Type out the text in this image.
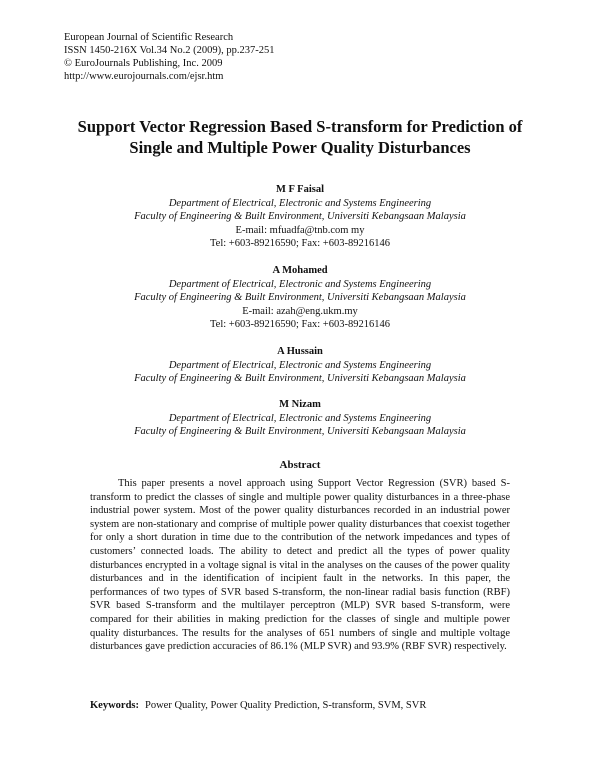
European Journal of Scientific Research
ISSN 1450-216X Vol.34 No.2 (2009), pp.237-251
© EuroJournals Publishing, Inc. 2009
http://www.eurojournals.com/ejsr.htm
Support Vector Regression Based S-transform for Prediction of
Single and Multiple Power Quality Disturbances
M F Faisal
Department of Electrical, Electronic and Systems Engineering
Faculty of Engineering & Built Environment, Universiti Kebangsaan Malaysia
E-mail: mfuadfa@tnb.com my
Tel: +603-89216590; Fax: +603-89216146
A Mohamed
Department of Electrical, Electronic and Systems Engineering
Faculty of Engineering & Built Environment, Universiti Kebangsaan Malaysia
E-mail: azah@eng.ukm.my
Tel: +603-89216590; Fax: +603-89216146
A Hussain
Department of Electrical, Electronic and Systems Engineering
Faculty of Engineering & Built Environment, Universiti Kebangsaan Malaysia
M Nizam
Department of Electrical, Electronic and Systems Engineering
Faculty of Engineering & Built Environment, Universiti Kebangsaan Malaysia
Abstract
This paper presents a novel approach using Support Vector Regression (SVR) based S-transform to predict the classes of single and multiple power quality disturbances in a three-phase industrial power system. Most of the power quality disturbances recorded in an industrial power system are non-stationary and comprise of multiple power quality disturbances that coexist together for only a short duration in time due to the contribution of the network impedances and types of customers’ connected loads. The ability to detect and predict all the types of power quality disturbances encrypted in a voltage signal is vital in the analyses on the causes of the power quality disturbances and in the identification of incipient fault in the networks. In this paper, the performances of two types of SVR based S-transform, the non-linear radial basis function (RBF) SVR based S-transform and the multilayer perceptron (MLP) SVR based S-transform, were compared for their abilities in making prediction for the classes of single and multiple power quality disturbances. The results for the analyses of 651 numbers of single and multiple voltage disturbances gave prediction accuracies of 86.1% (MLP SVR) and 93.9% (RBF SVR) respectively.
Keywords: Power Quality, Power Quality Prediction, S-transform, SVM, SVR
